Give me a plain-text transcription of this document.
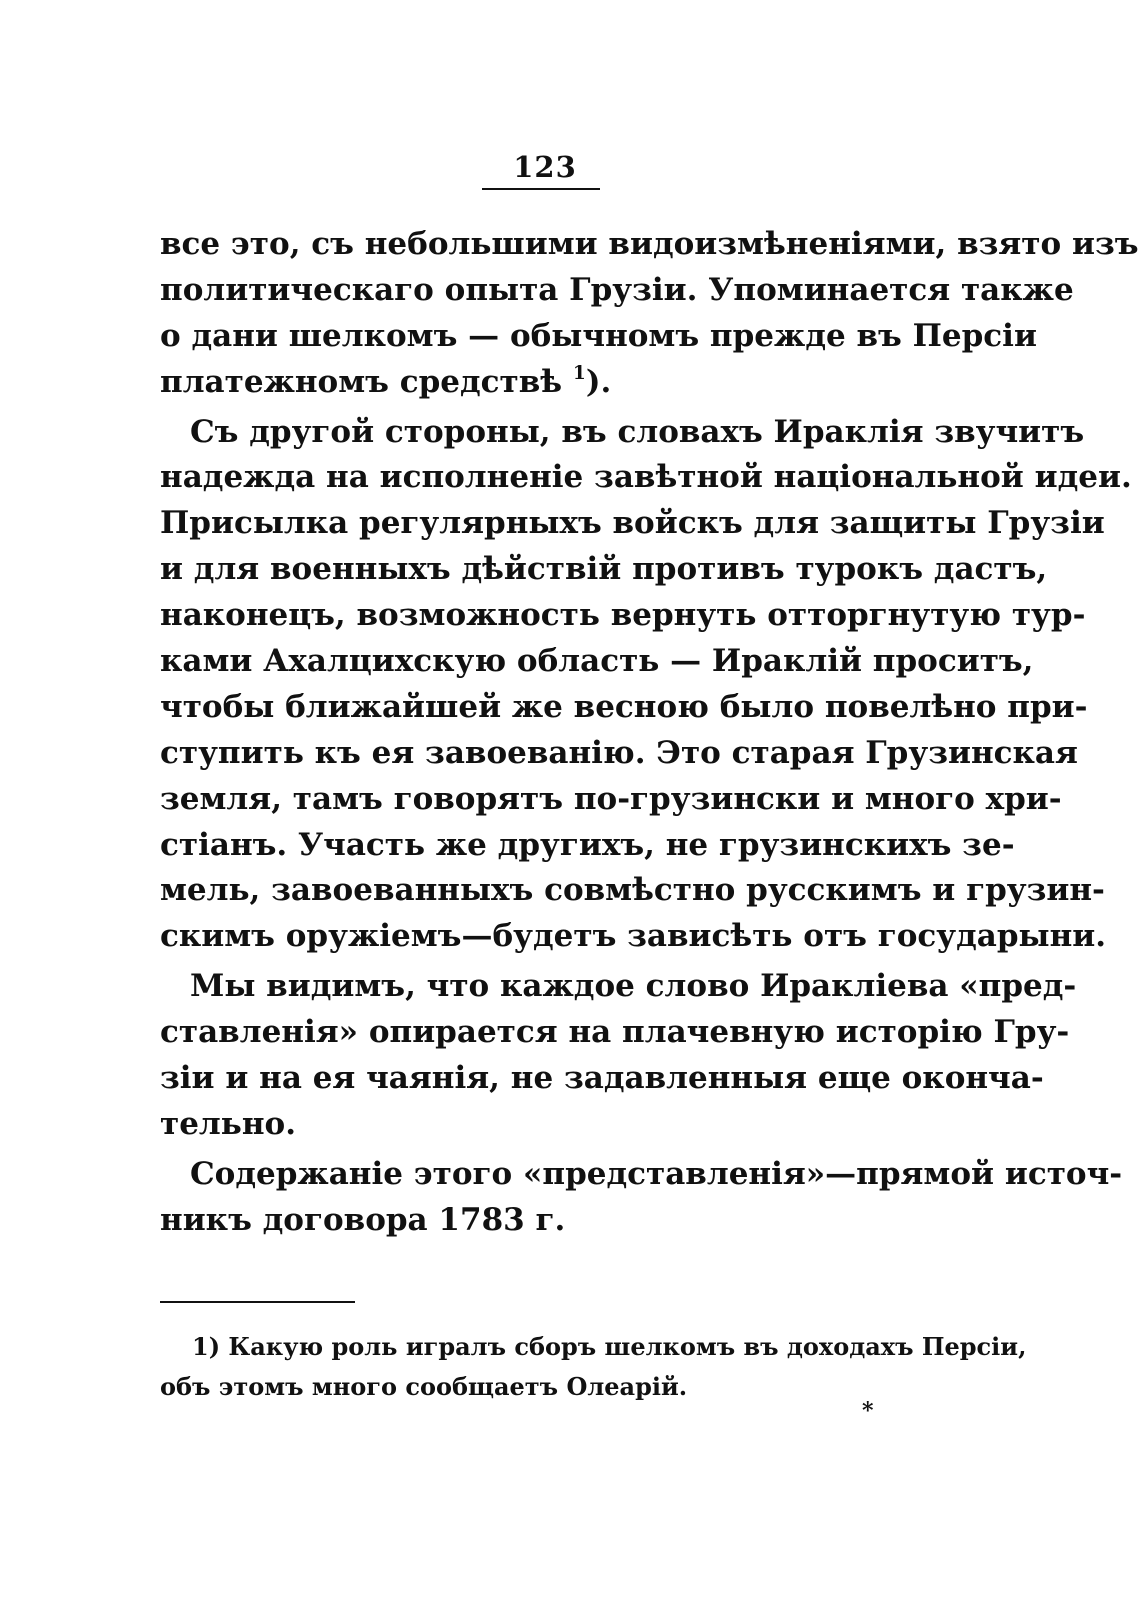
123
все это, съ небольшими видоизмѣненіями, взято изъ
политическаго опыта Грузіи. Упоминается также
о дани шелкомъ — обычномъ прежде въ Персіи
платежномъ средствѣ $^1$).
Съ другой стороны, въ словахъ Ираклія звучитъ
надежда на исполненіе завѣтной національной идеи.
Присылка регулярныхъ войскъ для защиты Грузіи
и для военныхъ дѣйствій противъ турокъ дастъ,
наконецъ, возможность вернуть отторгнутую тур-
ками Ахалцихскую область — Ираклій проситъ,
чтобы ближайшей же весною было повелѣно при-
ступить къ ея завоеванію. Это старая Грузинская
земля, тамъ говорятъ по-грузински и много хри-
стіанъ. Участь же другихъ, не грузинскихъ зе-
мель, завоеванныхъ совмѣстно русскимъ и грузин-
скимъ оружіемъ—будетъ зависѣть отъ государыни.
Мы видимъ, что каждое слово Иракліева «пред-
ставленія» опирается на плачевную исторію Гру-
зіи и на ея чаянія, не задавленныя еще оконча-
тельно.
Содержаніе этого «представленія»—прямой источ-
никъ договора 1783 г.
1) Какую роль игралъ сборъ шелкомъ въ доходахъ Персіи,
объ этомъ много сообщаетъ Олеарій.
*
